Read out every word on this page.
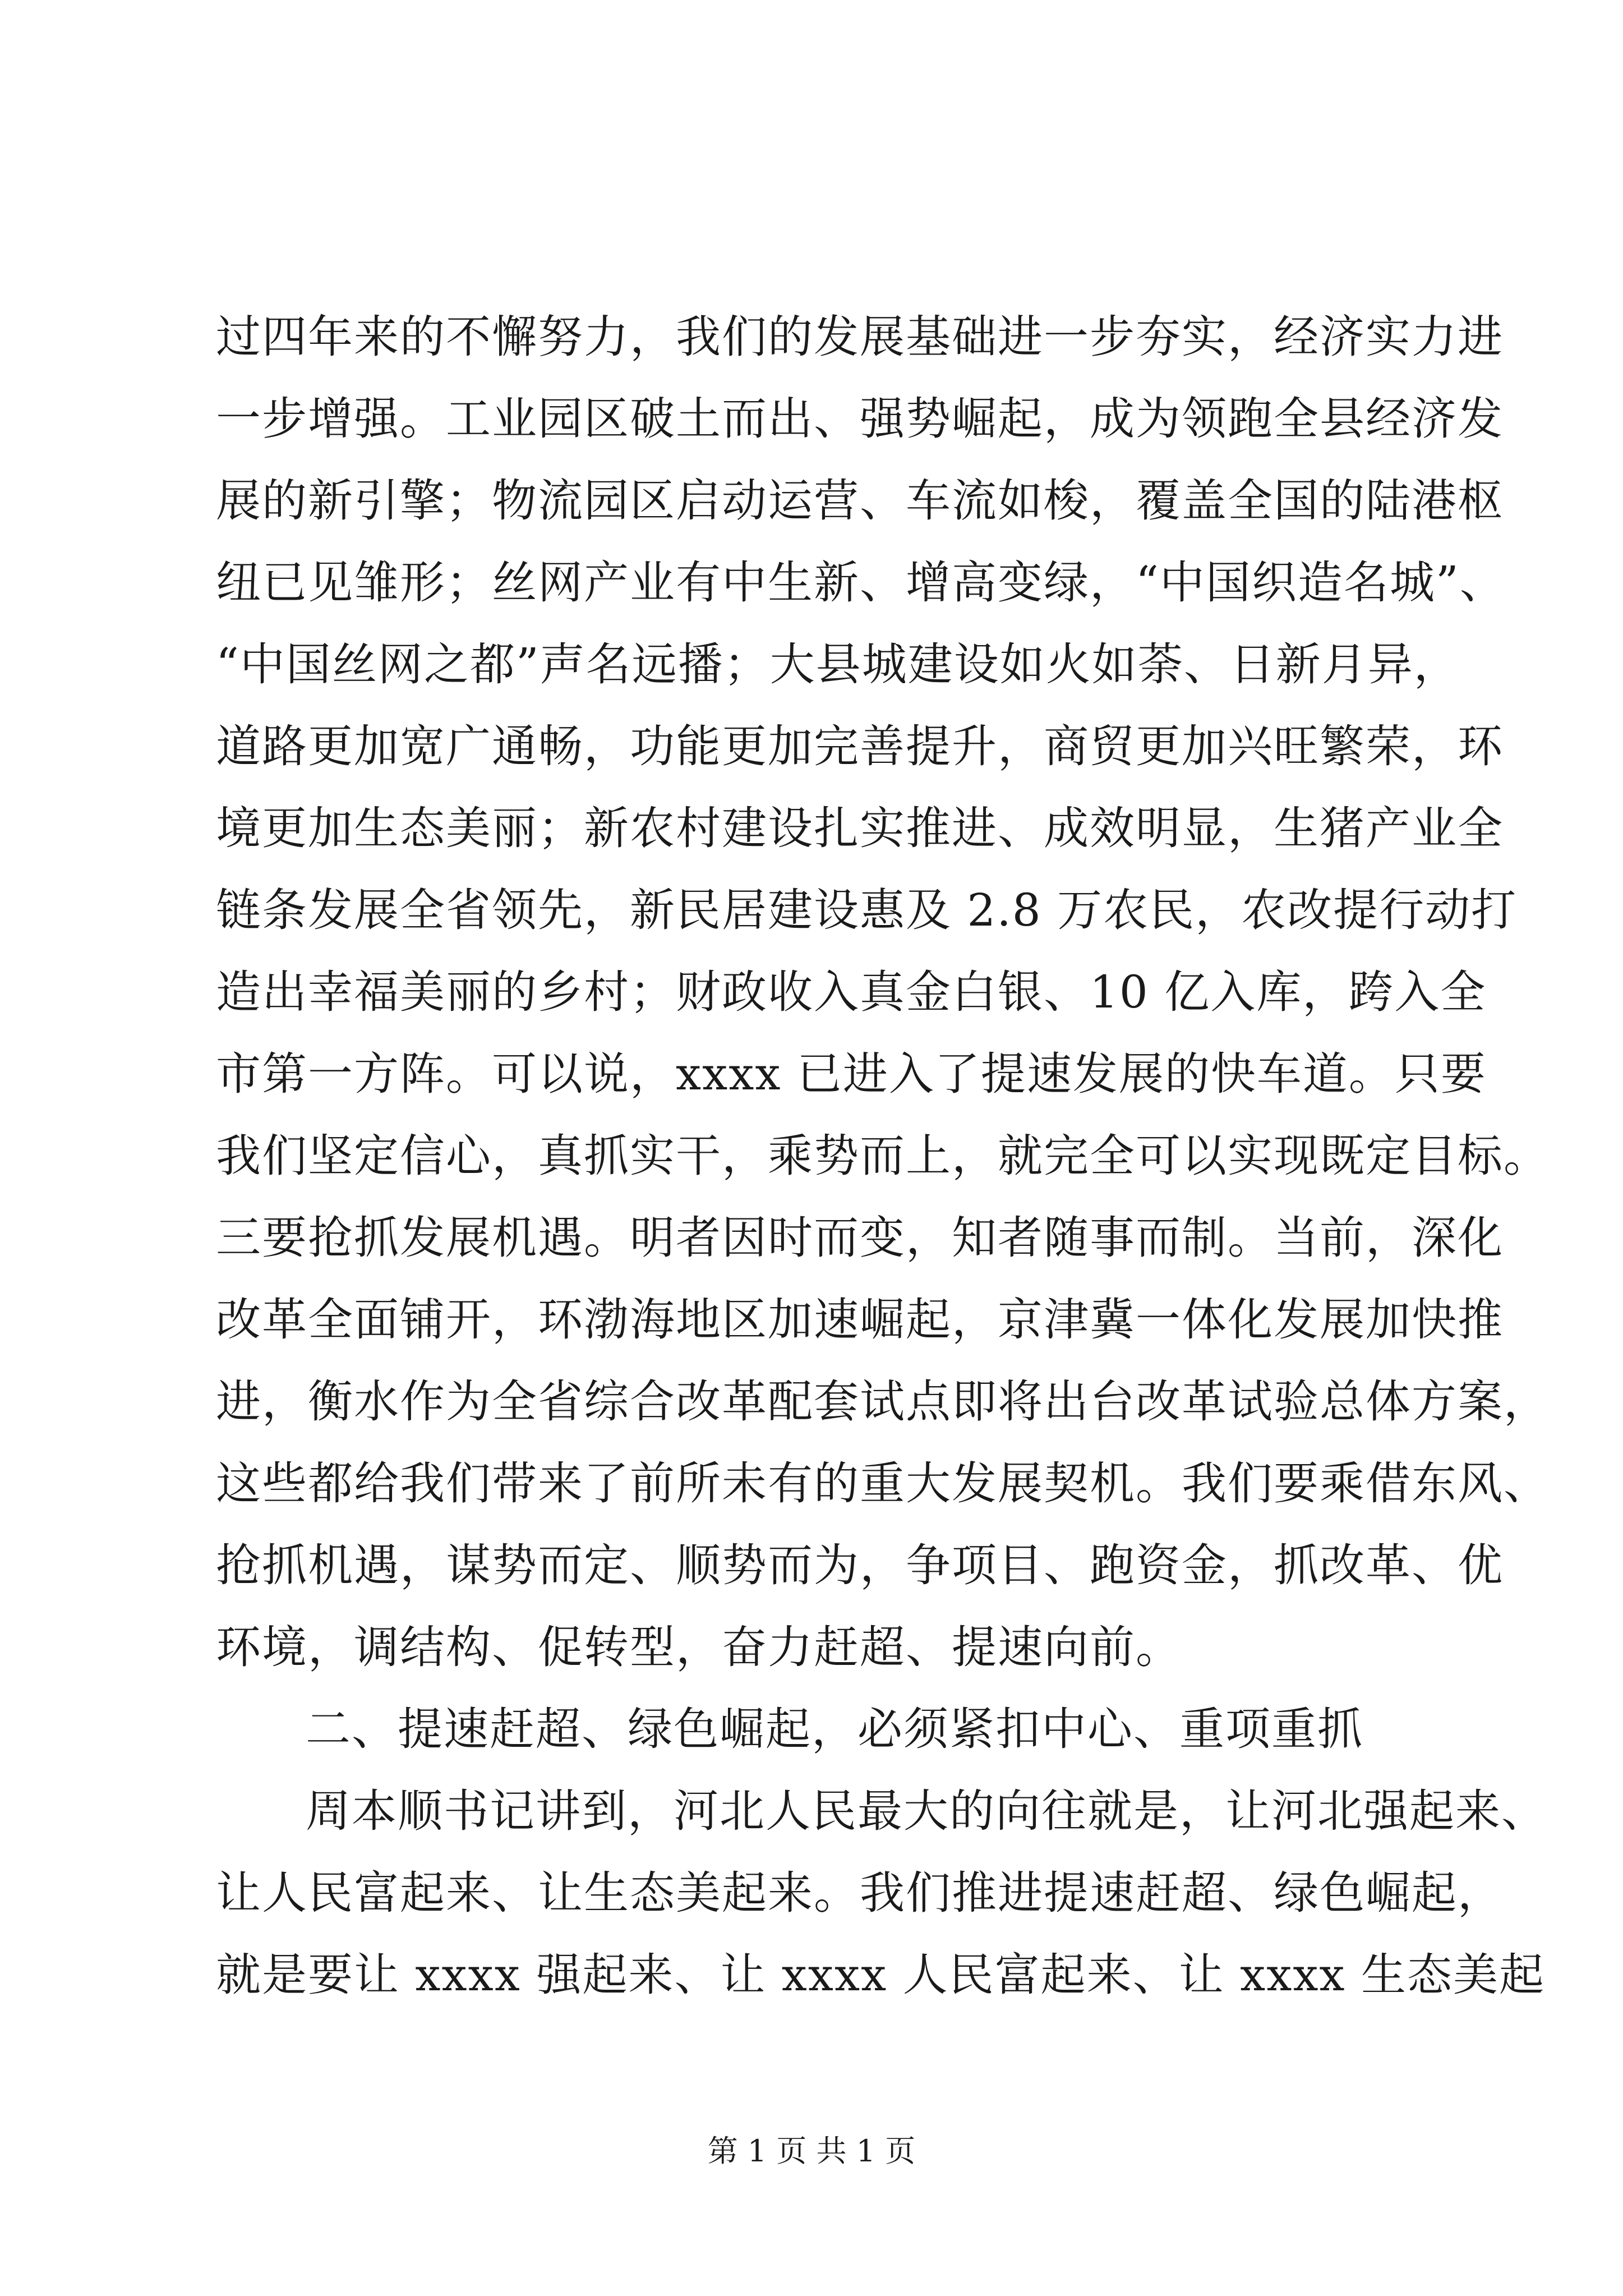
过四年来的不懈努力，我们的发展基础进一步夯实，经济实力进
一步增强。工业园区破土而出、强势崛起，成为领跑全县经济发
展的新引擎；物流园区启动运营、车流如梭，覆盖全国的陆港枢
纽已见雏形；丝网产业有中生新、增高变绿，“中国织造名城”、
“中国丝网之都”声名远播；大县城建设如火如荼、日新月异，
道路更加宽广通畅，功能更加完善提升，商贸更加兴旺繁荣，环
境更加生态美丽；新农村建设扎实推进、成效明显，生猪产业全
链条发展全省领先，新民居建设惠及 2.8 万农民，农改提行动打
造出幸福美丽的乡村；财政收入真金白银、10 亿入库，跨入全
市第一方阵。可以说，xxxx 已进入了提速发展的快车道。只要
我们坚定信心，真抓实干，乘势而上，就完全可以实现既定目标。
三要抢抓发展机遇。明者因时而变，知者随事而制。当前，深化
改革全面铺开，环渤海地区加速崛起，京津冀一体化发展加快推
进，衡水作为全省综合改革配套试点即将出台改革试验总体方案，
这些都给我们带来了前所未有的重大发展契机。我们要乘借东风、
抢抓机遇，谋势而定、顺势而为，争项目、跑资金，抓改革、优
环境，调结构、促转型，奋力赶超、提速向前。
二、提速赶超、绿色崛起，必须紧扣中心、重项重抓
周本顺书记讲到，河北人民最大的向往就是，让河北强起来、
让人民富起来、让生态美起来。我们推进提速赶超、绿色崛起，
就是要让 xxxx 强起来、让 xxxx 人民富起来、让 xxxx 生态美起
第 1 页 共 1 页
